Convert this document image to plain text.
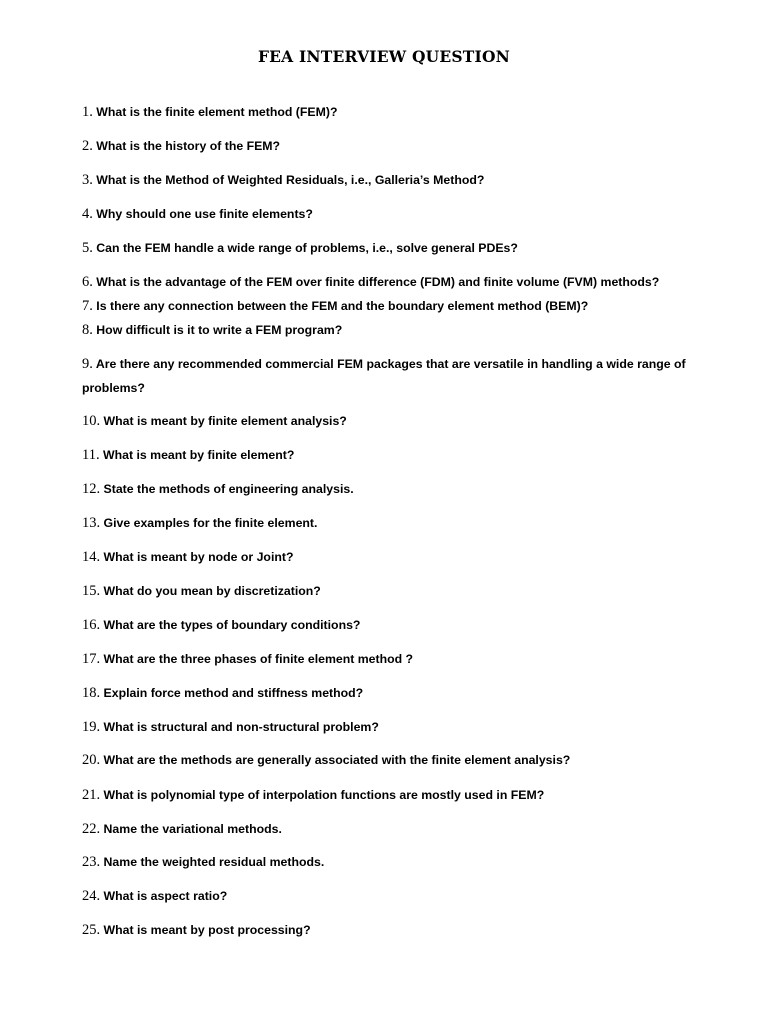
FEA INTERVIEW QUESTION
1. What is the finite element method (FEM)?
2. What is the history of the FEM?
3. What is the Method of Weighted Residuals, i.e., Galleria’s Method?
4. Why should one use finite elements?
5. Can the FEM handle a wide range of problems, i.e., solve general PDEs?
6. What is the advantage of the FEM over finite difference (FDM) and finite volume (FVM) methods?
7. Is there any connection between the FEM and the boundary element method (BEM)?
8. How difficult is it to write a FEM program?
9. Are there any recommended commercial FEM packages that are versatile in handling a wide range of problems?
10. What is meant by finite element analysis?
11. What is meant by finite element?
12. State the methods of engineering analysis.
13. Give examples for the finite element.
14. What is meant by node or Joint?
15. What do you mean by discretization?
16. What are the types of boundary conditions?
17. What are the three phases of finite element method ?
18. Explain force method and stiffness method?
19. What is structural and non-structural problem?
20. What are the methods are generally associated with the finite element analysis?
21. What is polynomial type of interpolation functions are mostly used in FEM?
22. Name the variational methods.
23. Name the weighted residual methods.
24. What is aspect ratio?
25. What is meant by post processing?
